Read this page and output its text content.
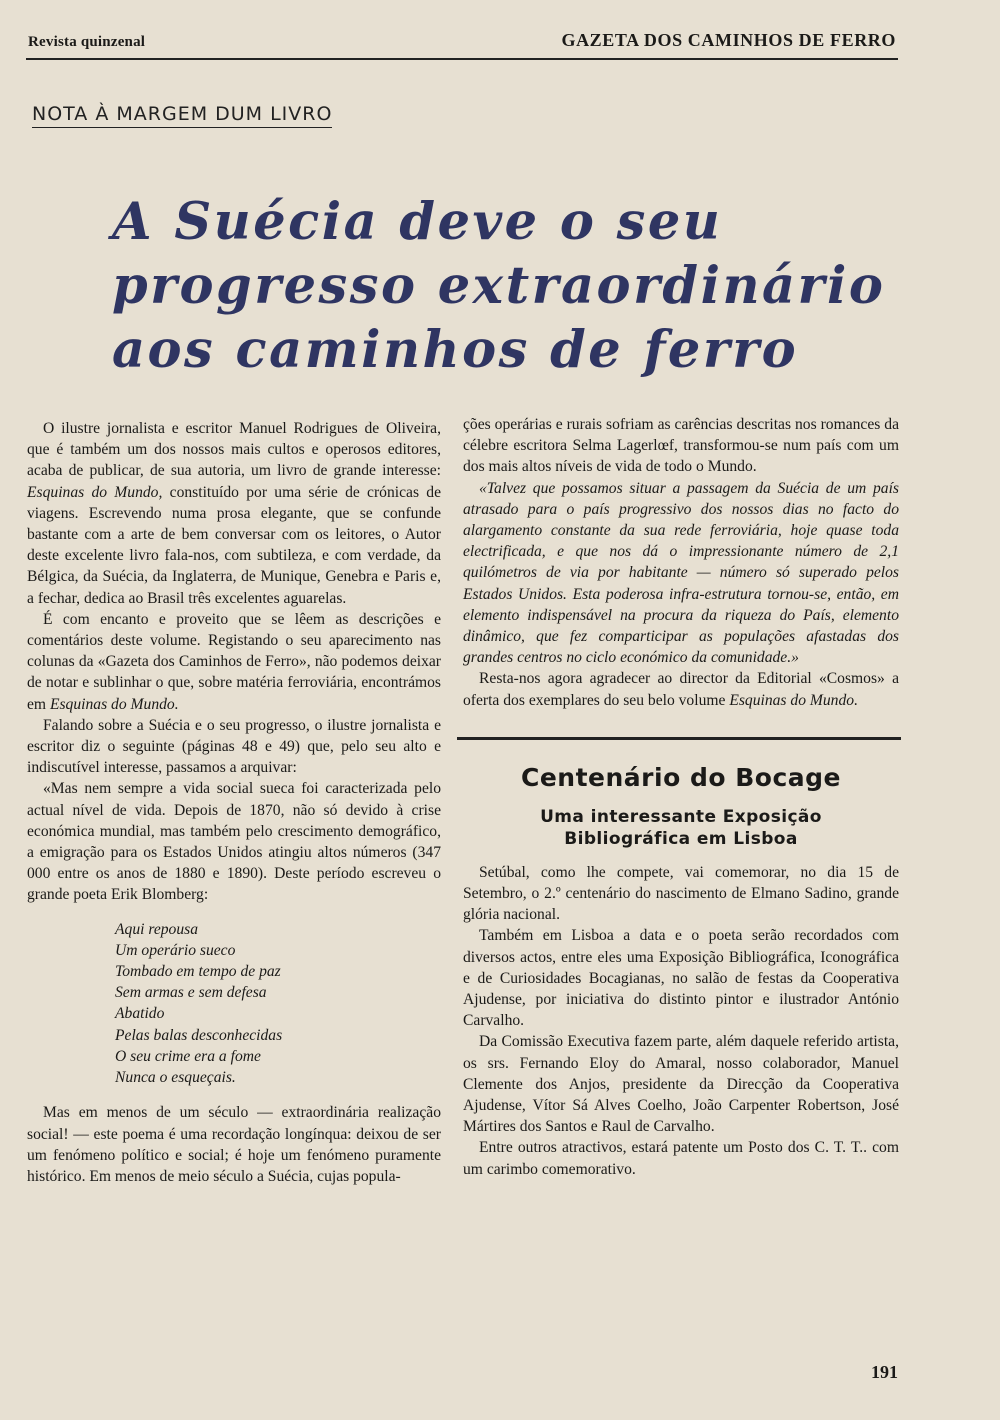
Revista quinzenal	GAZETA DOS CAMINHOS DE FERRO
NOTA À MARGEM DUM LIVRO
A Suécia deve o seu
progresso extraordinário
aos caminhos de ferro

O ilustre jornalista e escritor Manuel Rodrigues de Oliveira, que é também um dos nossos mais cultos e operosos editores, acaba de publicar, de sua autoria, um livro de grande interesse: Esquinas do Mundo, constituído por uma série de crónicas de viagens. Escrevendo numa prosa elegante, que se confunde bastante com a arte de bem conversar com os leitores, o Autor deste excelente livro fala-nos, com subtileza, e com verdade, da Bélgica, da Suécia, da Inglaterra, de Munique, Genebra e Paris e, a fechar, dedica ao Brasil três excelentes aguarelas.

É com encanto e proveito que se lêem as descrições e comentários deste volume. Registando o seu aparecimento nas colunas da «Gazeta dos Caminhos de Ferro», não podemos deixar de notar e sublinhar o que, sobre matéria ferroviária, encontrámos em Esquinas do Mundo.

Falando sobre a Suécia e o seu progresso, o ilustre jornalista e escritor diz o seguinte (páginas 48 e 49) que, pelo seu alto e indiscutível interesse, passamos a arquivar:

«Mas nem sempre a vida social sueca foi caracterizada pelo actual nível de vida. Depois de 1870, não só devido à crise económica mundial, mas também pelo crescimento demográfico, a emigração para os Estados Unidos atingiu altos números (347 000 entre os anos de 1880 e 1890). Deste período escreveu o grande poeta Erik Blomberg:

Aqui repousa
Um operário sueco
Tombado em tempo de paz
Sem armas e sem defesa
Abatido
Pelas balas desconhecidas
O seu crime era a fome
Nunca o esqueçais.

Mas em menos de um século — extraordinária realização social! — este poema é uma recordação longínqua: deixou de ser um fenómeno político e social; é hoje um fenómeno puramente histórico. Em menos de meio século a Suécia, cujas popula-

ções operárias e rurais sofriam as carências descritas nos romances da célebre escritora Selma Lagerlœf, transformou-se num país com um dos mais altos níveis de vida de todo o Mundo.

«Talvez que possamos situar a passagem da Suécia de um país atrasado para o país progressivo dos nossos dias no facto do alargamento constante da sua rede ferroviária, hoje quase toda electrificada, e que nos dá o impressionante número de 2,1 quilómetros de via por habitante — número só superado pelos Estados Unidos. Esta poderosa infra-estrutura tornou-se, então, em elemento indispensável na procura da riqueza do País, elemento dinâmico, que fez comparticipar as populações afastadas dos grandes centros no ciclo económico da comunidade.»

Resta-nos agora agradecer ao director da Editorial «Cosmos» a oferta dos exemplares do seu belo volume Esquinas do Mundo.

Centenário do Bocage
Uma interessante Exposição
Bibliográfica em Lisboa

Setúbal, como lhe compete, vai comemorar, no dia 15 de Setembro, o 2.º centenário do nascimento de Elmano Sadino, grande glória nacional.

Também em Lisboa a data e o poeta serão recordados com diversos actos, entre eles uma Exposição Bibliográfica, Iconográfica e de Curiosidades Bocagianas, no salão de festas da Cooperativa Ajudense, por iniciativa do distinto pintor e ilustrador António Carvalho.

Da Comissão Executiva fazem parte, além daquele referido artista, os srs. Fernando Eloy do Amaral, nosso colaborador, Manuel Clemente dos Anjos, presidente da Direcção da Cooperativa Ajudense, Vítor Sá Alves Coelho, João Carpenter Robertson, José Mártires dos Santos e Raul de Carvalho.

Entre outros atractivos, estará patente um Posto dos C. T. T.. com um carimbo comemorativo.

191
